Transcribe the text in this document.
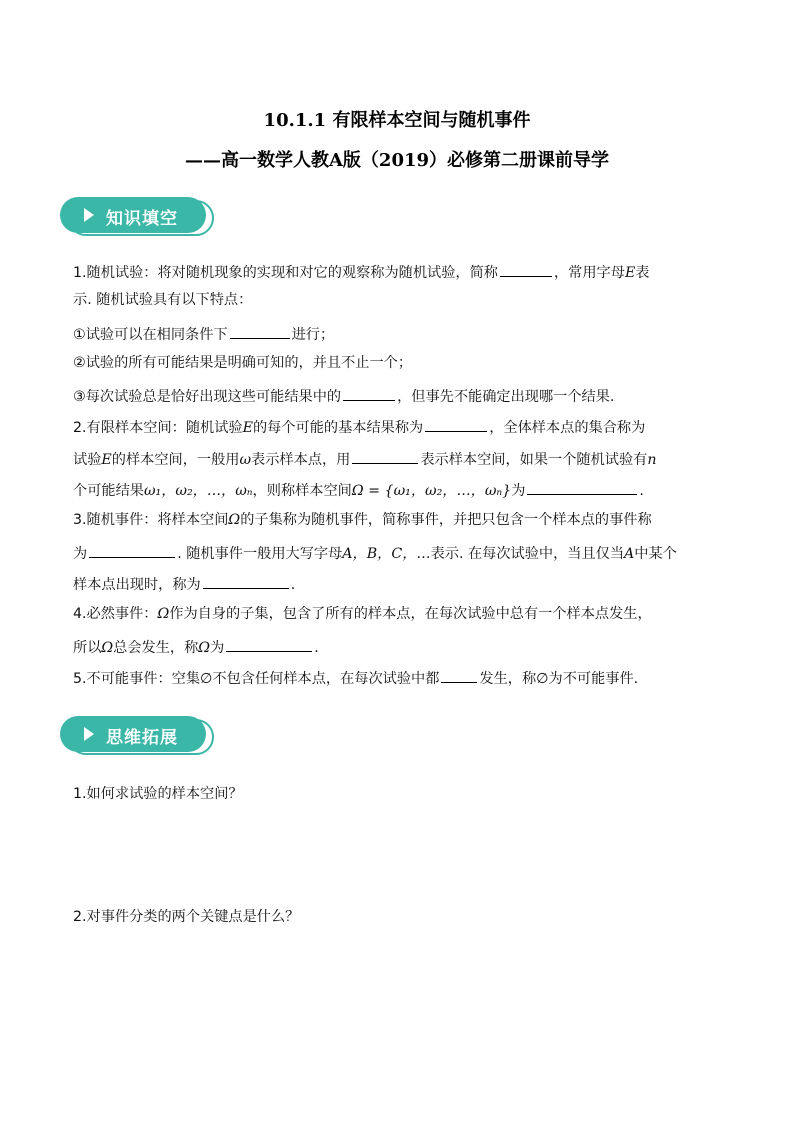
10.1.1 有限样本空间与随机事件
——高一数学人教A版（2019）必修第二册课前导学
知识填空
1.随机试验：将对随机现象的实现和对它的观察称为随机试验，简称	，常用字母E表
示. 随机试验具有以下特点：
①试验可以在相同条件下	进行；
②试验的所有可能结果是明确可知的，并且不止一个；
③每次试验总是恰好出现这些可能结果中的	，但事先不能确定出现哪一个结果.
2.有限样本空间：随机试验E的每个可能的基本结果称为	，全体样本点的集合称为
试验E的样本空间，一般用ω表示样本点，用	表示样本空间，如果一个随机试验有n
个可能结果ω₁，ω₂，…，ωₙ，则称样本空间Ω = {ω₁，ω₂，…，ωₙ}为	.
3.随机事件：将样本空间Ω的子集称为随机事件，简称事件，并把只包含一个样本点的事件称
为	. 随机事件一般用大写字母A，B，C，…表示. 在每次试验中，当且仅当A中某个
样本点出现时，称为	.
4.必然事件：Ω作为自身的子集，包含了所有的样本点，在每次试验中总有一个样本点发生，
所以Ω总会发生，称Ω为	.
5.不可能事件：空集∅不包含任何样本点，在每次试验中都	发生，称∅为不可能事件.
思维拓展
1.如何求试验的样本空间？
2.对事件分类的两个关键点是什么？
